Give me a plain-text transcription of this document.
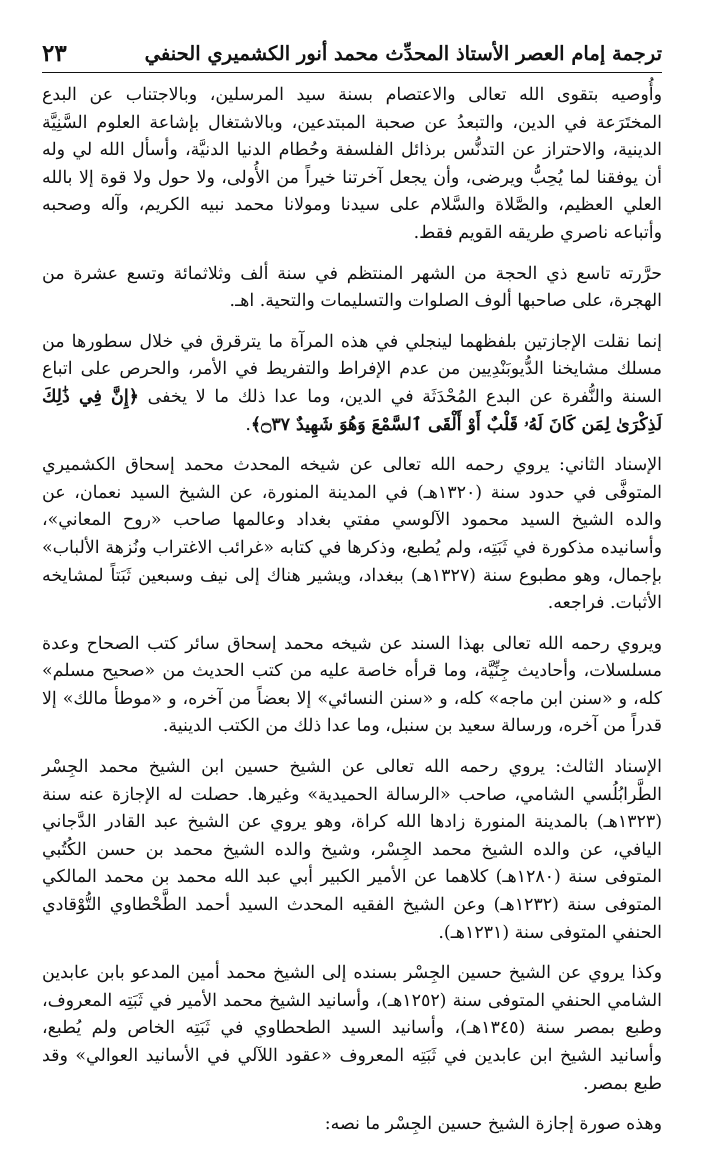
ترجمة إمام العصر الأستاذ المحدِّث محمد أنور الكشميري الحنفي
٢٣

وأُوصيه بتقوى الله تعالى والاعتصام بسنة سيد المرسلين، وبالاجتناب عن البدع المختَرَعة في الدين، والتبعدُ عن صحبة المبتدعين، وبالاشتغال بإشاعة العلوم السَّنِيَّة الدينية، والاحتراز عن التدنُّس برذائل الفلسفة وحُطام الدنيا الدنيَّة، وأسأل الله لي وله أن يوفقنا لما يُحِبُّ ويرضى، وأن يجعل آخرتنا خيراً من الأُولى، ولا حول ولا قوة إلا بالله العلي العظيم، والصَّلاة والسَّلام على سيدنا ومولانا محمد نبيه الكريم، وآله وصحبه وأتباعه ناصري طريقه القويم فقط.

حرَّرته تاسع ذي الحجة من الشهر المنتظم في سنة ألف وثلاثمائة وتسع عشرة من الهجرة، على صاحبها ألوف الصلوات والتسليمات والتحية. اهـ.

إنما نقلت الإجازتين بلفظهما لينجلي في هذه المرآة ما يترقرق في خلال سطورها من مسلك مشايخنا الدُّيوبَنْدِيين من عدم الإفراط والتفريط في الأمر، والحرص على اتباع السنة والنُّفرة عن البدع المُحْدَثَة في الدين، وما عدا ذلك ما لا يخفى ﴿إِنَّ فِي ذَٰلِكَ لَذِكْرَىٰ لِمَن كَانَ لَهُۥ قَلْبٌ أَوْ أَلْقَى ٱلسَّمْعَ وَهُوَ شَهِيدٌ ۝٣٧﴾.

الإسناد الثاني: يروي رحمه الله تعالى عن شيخه المحدث محمد إسحاق الكشميري المتوفَّى في حدود سنة (١٣٢٠هـ) في المدينة المنورة، عن الشيخ السيد نعمان، عن والده الشيخ السيد محمود الآلوسي مفتي بغداد وعالمها صاحب «روح المعاني»، وأسانيده مذكورة في ثَبَتِه، ولم يُطبع، وذكرها في كتابه «غرائب الاغتراب ونُزهة الألباب» بإجمال، وهو مطبوع سنة (١٣٢٧هـ) ببغداد، ويشير هناك إلى نيف وسبعين ثَبَتاً لمشايخه الأثبات. فراجعه.

ويروي رحمه الله تعالى بهذا السند عن شيخه محمد إسحاق سائر كتب الصحاح وعدة مسلسلات، وأحاديث جِنِّيَّة، وما قرأه خاصة عليه من كتب الحديث من «صحيح مسلم» كله، و «سنن ابن ماجه» كله، و «سنن النسائي» إلا بعضاً من آخره، و «موطأ مالك» إلا قدراً من آخره، ورسالة سعيد بن سنبل، وما عدا ذلك من الكتب الدينية.

الإسناد الثالث: يروي رحمه الله تعالى عن الشيخ حسين ابن الشيخ محمد الجِسْر الطَّرابُلُسي الشامي، صاحب «الرسالة الحميدية» وغيرها. حصلت له الإجازة عنه سنة (١٣٢٣هـ) بالمدينة المنورة زادها الله كراة، وهو يروي عن الشيخ عبد القادر الدَّجاني اليافي، عن والده الشيخ محمد الجِسْر، وشيخ والده الشيخ محمد بن حسن الكُتُبي المتوفى سنة (١٢٨٠هـ) كلاهما عن الأمير الكبير أبي عبد الله محمد بن محمد المالكي المتوفى سنة (١٢٣٢هـ) وعن الشيخ الفقيه المحدث السيد أحمد الطَّحْطاوي التُّوْقادي الحنفي المتوفى سنة (١٢٣١هـ).

وكذا يروي عن الشيخ حسين الجِسْر بسنده إلى الشيخ محمد أمين المدعو بابن عابدين الشامي الحنفي المتوفى سنة (١٢٥٢هـ)، وأسانيد الشيخ محمد الأمير في ثَبَتِه المعروف، وطبع بمصر سنة (١٣٤٥هـ)، وأسانيد السيد الطحطاوي في ثَبَتِه الخاص ولم يُطبع، وأسانيد الشيخ ابن عابدين في ثَبَتِه المعروف «عقود اللآلي في الأسانيد العوالي» وقد طبع بمصر.

وهذه صورة إجازة الشيخ حسين الجِسْر ما نصه:
